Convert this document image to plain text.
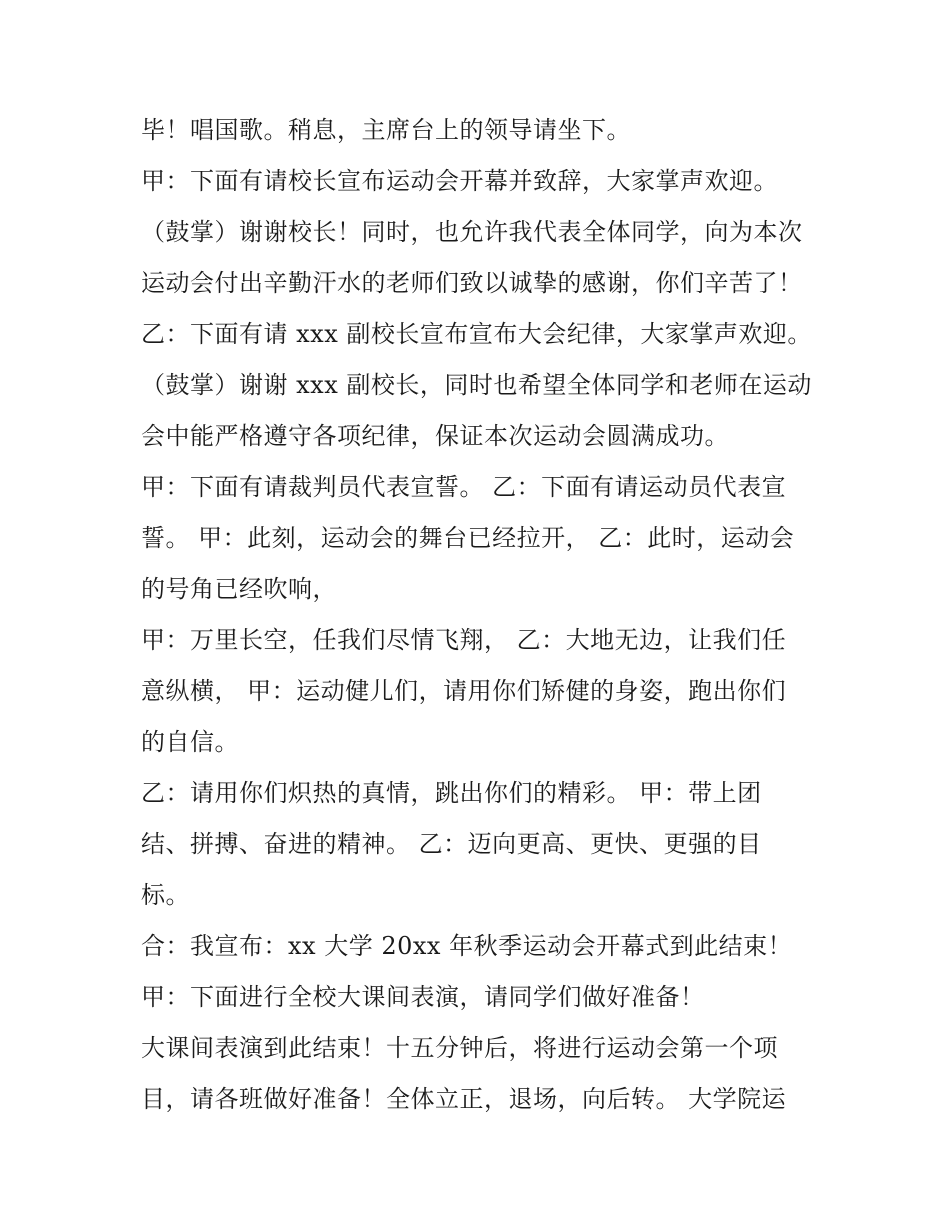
毕！唱国歌。稍息，主席台上的领导请坐下。
甲：下面有请校长宣布运动会开幕并致辞，大家掌声欢迎。
（鼓掌）谢谢校长！同时，也允许我代表全体同学，向为本次
运动会付出辛勤汗水的老师们致以诚挚的感谢，你们辛苦了！
乙：下面有请 xxx 副校长宣布宣布大会纪律，大家掌声欢迎。
（鼓掌）谢谢 xxx 副校长，同时也希望全体同学和老师在运动
会中能严格遵守各项纪律，保证本次运动会圆满成功。
甲：下面有请裁判员代表宣誓。 乙：下面有请运动员代表宣
誓。 甲：此刻，运动会的舞台已经拉开， 乙：此时，运动会
的号角已经吹响，
甲：万里长空，任我们尽情飞翔， 乙：大地无边，让我们任
意纵横， 甲：运动健儿们，请用你们矫健的身姿，跑出你们
的自信。
乙：请用你们炽热的真情，跳出你们的精彩。 甲：带上团
结、拼搏、奋进的精神。 乙：迈向更高、更快、更强的目
标。
合：我宣布：xx 大学 20xx 年秋季运动会开幕式到此结束！
甲：下面进行全校大课间表演，请同学们做好准备！
大课间表演到此结束！十五分钟后，将进行运动会第一个项
目，请各班做好准备！全体立正，退场，向后转。 大学院运
